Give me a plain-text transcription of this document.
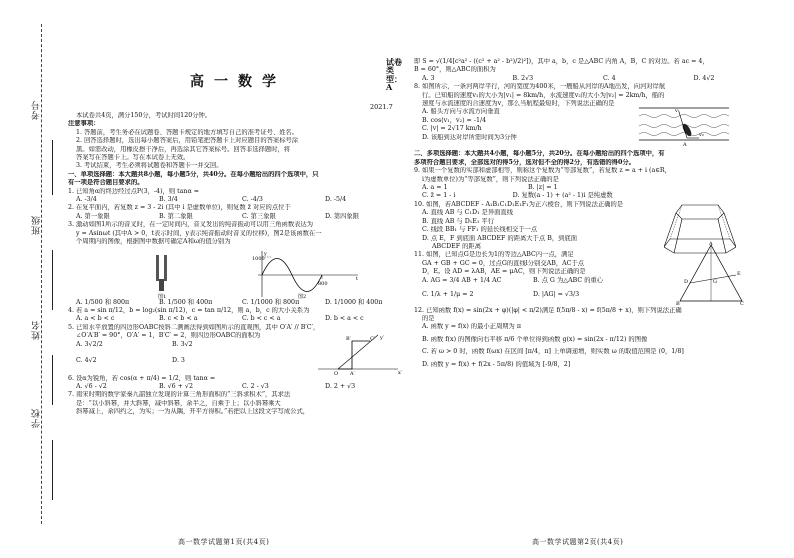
考号
班级
姓名
学校
试卷类型：A
高一数学
2021.7
本试卷共4页，满分150分，考试时间120分钟。
注意事项：
1. 答题前，考生务必在试题卷、答题卡规定的地方填写自己的准考证号、姓名。
2. 回答选择题时，选出每小题答案后，用铅笔把答题卡上对应题目的答案标号涂
黑。如需改动，用橡皮擦干净后，再选涂其它答案标号。回答非选择题时，将
答案写在答题卡上。写在本试卷上无效。
3. 考试结束，考生必须将试题卷和答题卡一并交回。
一、单项选择题：本大题共8小题，每小题5分，共40分。在每小题给出的四个选项中，只
有一项是符合题目要求的。
1. 已知角α的终边经过点P(3，-4)，则 tanα =
A. -3/4	B. 3/4	C. -4/3	D. -5/4
2. 在复平面内，若复数 z = 3 - 2i (其中 i 是虚数单位)，则复数 z̄ 对应的点位于
A. 第一象限	B. 第二象限	C. 第三象限	D. 第四象限
3. 激动如图1所示的音叉时，在一定时间内，音叉发出的纯音振动可以用三角函数表达为
y = Asinωt (其中A > 0，t表示时间，y表示纯音振动时音叉的位移)，图2是该函数在一
个周期内的图像，根据图中数据可确定A和ω的值分别为
1000
800
t
y
图1	图2
A. 1/500 和 800π	B. 1/500 和 400π	C. 1/1000 和 800π	D. 1/1000 和 400π
4. 若 a = sin π/12，b = log₂(sin π/12)，c = tan π/12，则 a，b，c 的大小关系为
A. a < b < c	B. c < b < a	C. b < c < a	D. b < a < c
5. 已知水平放置的四边形OABC按斜二测画法得到如图所示的直观图，其中 O′A′ // B′C′，
∠O′A′B′ = 90°，O′A′ = 1，B′C′ = 2，则四边形OABC的面积为
A. 3√2/2	B. 3√2
C. 4√2	D. 3
O A′
B′	C′
x′
y′
6. 设α为锐角，若 cos(α + π/4) = 1/2，则 tanα =
A. √6 - √2	B. √6 + √2	C. 2 - √3	D. 2 + √3
7. 南宋时期的数学家秦九韶独立发现的计算三角形面积的“三斜求积术”，其求法
是：“以小斜幂，并大斜幂，减中斜幂，余半之，自乘于上；以小斜幂乘大
斜幂减上，余四约之，为实；一为从隅，开平方得积。”若把以上这段文字写成公式，
高一数学试题第1页(共4页)
即 S = √(1/4[c²a² - ((c² + a² - b²)/2)²])，其中 a，b，c 是△ABC 内角 A，B，C 的对边。若 ac = 4，
B = 60°，则△ABC的面积为
A. 3	B. 2√3	C. 4	D. 4√2
8. 如图所示，一条河两岸平行，河的宽度为400米，一艘船从河岸的A地出发，向河对岸航
行。已知船的速度v₁的大小为|v₁| = 8km/h，水流速度v₂的大小为|v₂| = 2km/h，船的
速度与水流速度的合速度为v，那么当航程最短时，下列说法正确的是
A. 船头方向与水流方向垂直
B. cos⟨v₁，v₂⟩ = -1/4
C. |v| = 2√17 km/h
D. 该船到达对岸所需时间为3分钟	v₂
v₁
A
二、多项选择题：本大题共4小题，每小题5分，共20分。在每小题给出的四个选项中，有
多项符合题目要求，全部选对的得5分，选对但不全的得2分，有选错的得0分。
9. 如果一个复数的实部和虚部相等，则称这个复数为“等部复数”，若复数 z = a + i (a∈R，
i为虚数单位)为“等部复数”，则下列说法正确的是
A. a = 1	B. |z| = 1
C. z̄ = 1 - i	D. 复数(a - 1) + (a² - 1)i 是纯虚数
10. 如图，若ABCDEF - A₁B₁C₁D₁E₁F₁为正六棱台，则下列说法正确的是
A. 直线 AB 与 C₁D₁ 是异面直线
B. 直线 AB 与 D₁E₁ 平行
C. 线段 BB₁ 与 FF₁ 的延长线相交于一点
D. 点 E，F 到底面 ABCDEF 的距离大于点 B，到底面
ABCDEF 的距离
11. 如图，已知点G是边长为1的等边△ABC内一点，满足
GA + GB + GC = 0，过点G的直线l分别交AB，AC于点
D，E。设 AD = λAB，AE = μAC，则下列说法正确的是
A. AG = 3/4 AB + 1/4 AC	B. 点 G 为△ABC 的重心
C. 1/λ + 1/μ = 2	D. |AG| = √3/3
A
B	C
D
E
G
12. 已知函数 f(x) = sin(2x + φ)(|φ| < π/2)满足 f(5π/8 - x) = f(5π/8 + x)，则下列说法正确
的是
A. 函数 y = f(x) 的最小正周期为 π
B. 函数 f(x) 的图像向右平移 π/6 个单位得到函数 g(x) = sin(2x - π/12) 的图像
C. 若 ω > 0 时，函数 f(ωx) 在区间 [π/4，π] 上单调递增，则实数 ω 的取值范围是 (0，1/8]
D. 函数 y = f(x) + f(2x - 5π/8) 的值域为 [-9/8，2]
高一数学试题第2页(共4页)
